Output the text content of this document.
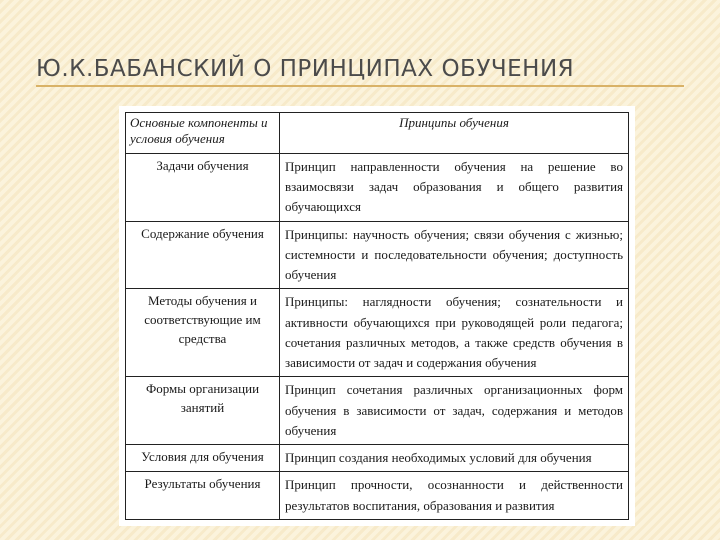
Ю.К.БАБАНСКИЙ О ПРИНЦИПАХ ОБУЧЕНИЯ
Основные компоненты и условия обучения	Принципы обучения
Задачи обучения	Принцип направленности обучения на решение во взаимосвязи задач образования и общего развития обучающихся
Содержание обучения	Принципы: научность обучения; связи обучения с жизнью; системности и последовательности обучения; доступность обучения
Методы обучения и соответствующие им средства	Принципы: наглядности обучения; сознательности и активности обучающихся при руководящей роли педагога; сочетания различных методов, а также средств обучения в зависимости от задач и содержания обучения
Формы организации занятий	Принцип сочетания различных организационных форм обучения в зависимости от задач, содержания и методов обучения
Условия для обучения	Принцип создания необходимых условий для обучения
Результаты обучения	Принцип прочности, осознанности и действенности результатов воспитания, образования и развития
